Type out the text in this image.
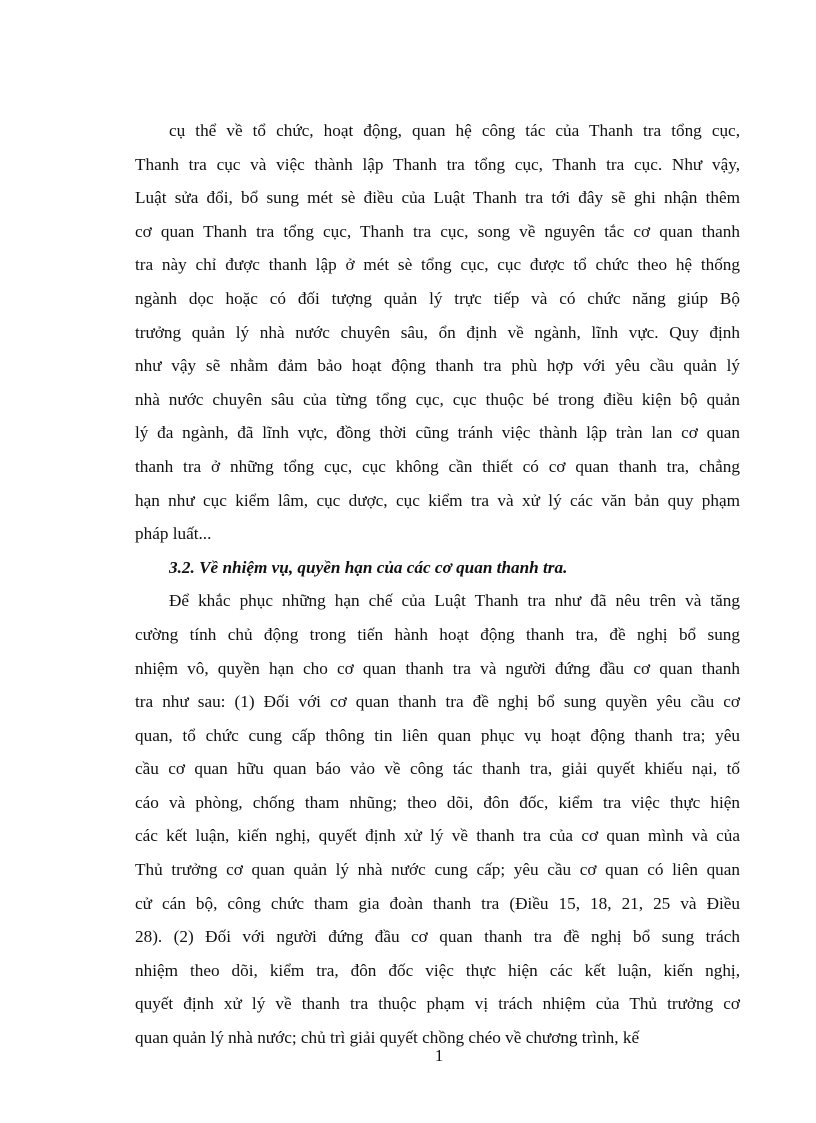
cụ thể về tổ chức, hoạt động, quan hệ công tác của Thanh tra tổng cục,
Thanh tra cục và việc thành lập Thanh tra tổng cục, Thanh tra cục. Như vậy,
Luật sửa đổi, bổ sung mét sè điều của Luật Thanh tra tới đây sẽ ghi nhận thêm
cơ quan Thanh tra tổng cục, Thanh tra cục, song về nguyên tắc cơ quan thanh
tra này chỉ được thanh lập ở mét sè tổng cục, cục được tổ chức theo hệ thống
ngành dọc hoặc có đối tượng quản lý trực tiếp và có chức năng giúp Bộ
trưởng quản lý nhà nước chuyên sâu, ổn định về ngành, lĩnh vực. Quy định
như vậy sẽ nhằm đảm bảo hoạt động thanh tra phù hợp với yêu cầu quản lý
nhà nước chuyên sâu của từng tổng cục, cục thuộc bé trong điều kiện bộ quản
lý đa ngành, đã lĩnh vực, đồng thời cũng tránh việc thành lập tràn lan cơ quan
thanh tra ở những tổng cục, cục không cần thiết có cơ quan thanh tra, chẳng
hạn như cục kiểm lâm, cục dược, cục kiểm tra và xử lý các văn bản quy phạm
pháp luất...
3.2. Về nhiệm vụ, quyền hạn của các cơ quan thanh tra.
Để khắc phục những hạn chế của Luật Thanh tra như đã nêu trên và tăng
cường tính chủ động trong tiến hành hoạt động thanh tra, đề nghị bổ sung
nhiệm vô, quyền hạn cho cơ quan thanh tra và người đứng đầu cơ quan thanh
tra như sau: (1) Đối với cơ quan thanh tra đề nghị bổ sung quyền yêu cầu cơ
quan, tổ chức cung cấp thông tin liên quan phục vụ hoạt động thanh tra; yêu
cầu cơ quan hữu quan báo vảo về công tác thanh tra, giải quyết khiếu nại, tố
cáo và phòng, chống tham nhũng; theo dõi, đôn đốc, kiểm tra việc thực hiện
các kết luận, kiến nghị, quyết định xử lý về thanh tra của cơ quan mình và của
Thủ trưởng cơ quan quản lý nhà nước cung cấp; yêu cầu cơ quan có liên quan
cử cán bộ, công chức tham gia đoàn thanh tra (Điều 15, 18, 21, 25 và Điều
28). (2) Đối với người đứng đầu cơ quan thanh tra đề nghị bổ sung trách
nhiệm theo dõi, kiểm tra, đôn đốc việc thực hiện các kết luận, kiến nghị,
quyết định xử lý về thanh tra thuộc phạm vị trách nhiệm của Thủ trưởng cơ
quan quản lý nhà nước; chủ trì giải quyết chồng chéo về chương trình, kế
1
